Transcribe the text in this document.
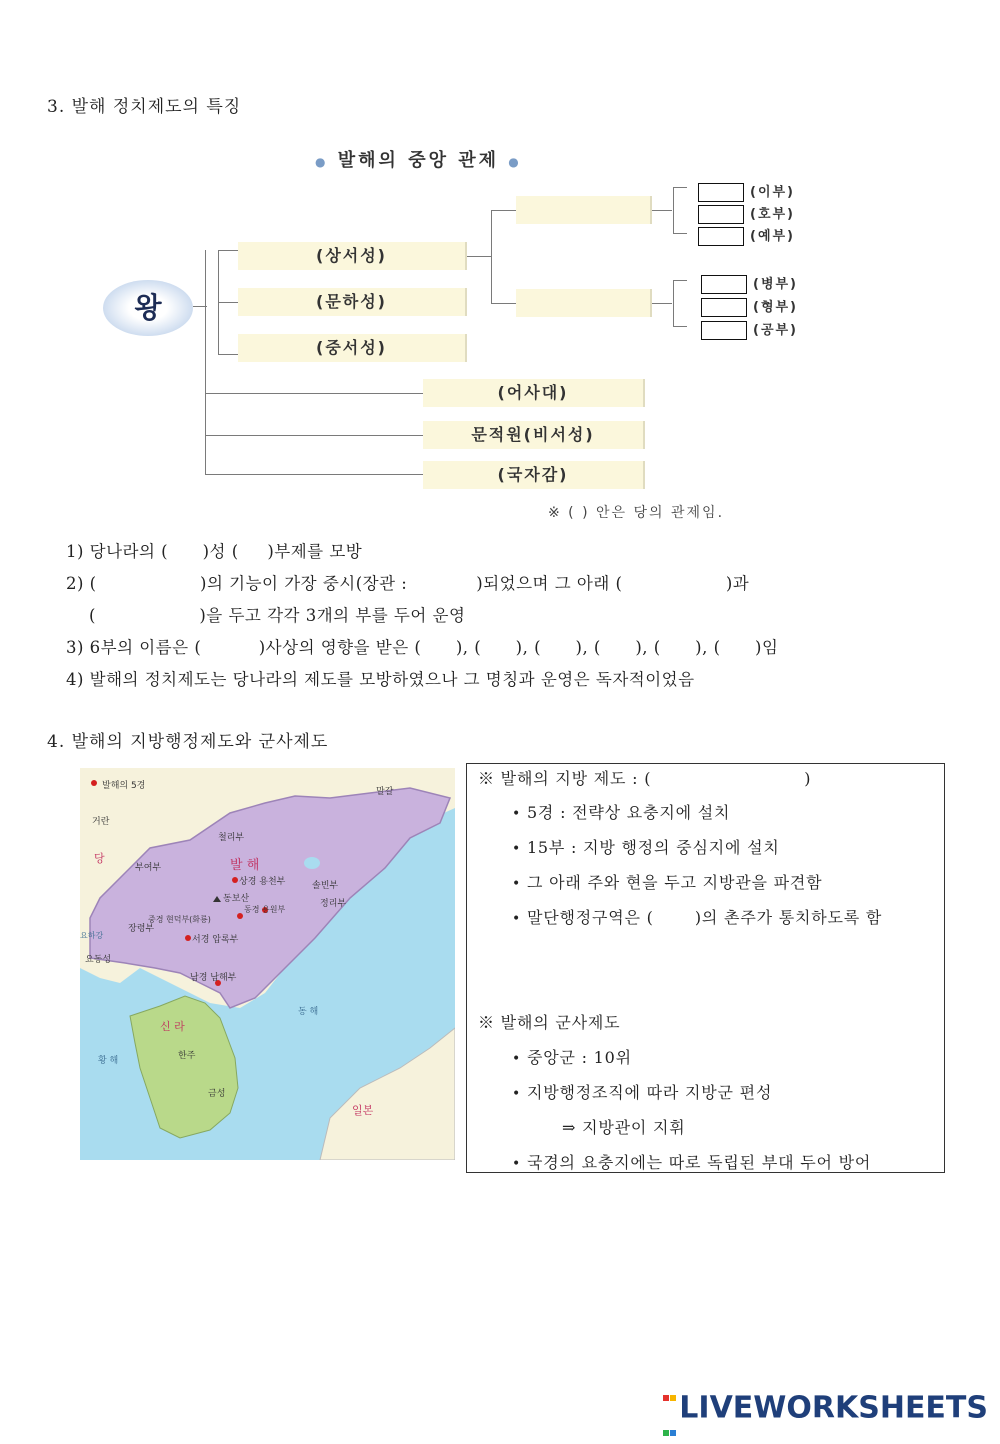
3. 발해 정치제도의 특징
● 발해의 중앙 관제 ●
왕
(상서성)
(문하성)
(중서성)
(어사대)
문적원(비서성)
(국자감)
(이부)
(호부)
(예부)
(병부)
(형부)
(공부)
※ ( ) 안은 당의 관제임.
1) 당나라의 (      )성 (     )부제를 모방
2) (                  )의 기능이 가장 중시(장관 :            )되었으며 그 아래 (                  )과
(                  )을 두고 각각 3개의 부를 두어 운영
3) 6부의 이름은 (          )사상의 영향을 받은 (      ), (      ), (      ), (      ), (      ), (      )임
4) 발해의 정치제도는 당나라의 제도를 모방하였으나 그 명칭과 운영은 독자적이었음
4. 발해의 지방행정제도와 군사제도
발해의 5경
말갈
거란
당	발 해
신 라
일본
동 해
황 해
부여부
철리부
상경 용천부
동보산
솔빈부
정리부
장령부
중경 현덕부(화룡)
동경 용원부
서경 압록부
남경 남해부
요동성
요하강
한주
금성
※ 발해의 지방 제도 : (                          )
• 5경 : 전략상 요충지에 설치
• 15부 : 지방 행정의 중심지에 설치
• 그 아래 주와 현을 두고 지방관을 파견함
• 말단행정구역은 (       )의 촌주가 통치하도록 함
※ 발해의 군사제도
• 중앙군 : 10위
• 지방행정조직에 따라 지방군 편성
⇒ 지방관이 지휘
• 국경의 요충지에는 따로 독립된 부대 두어 방어

LIVEWORKSHEETS
